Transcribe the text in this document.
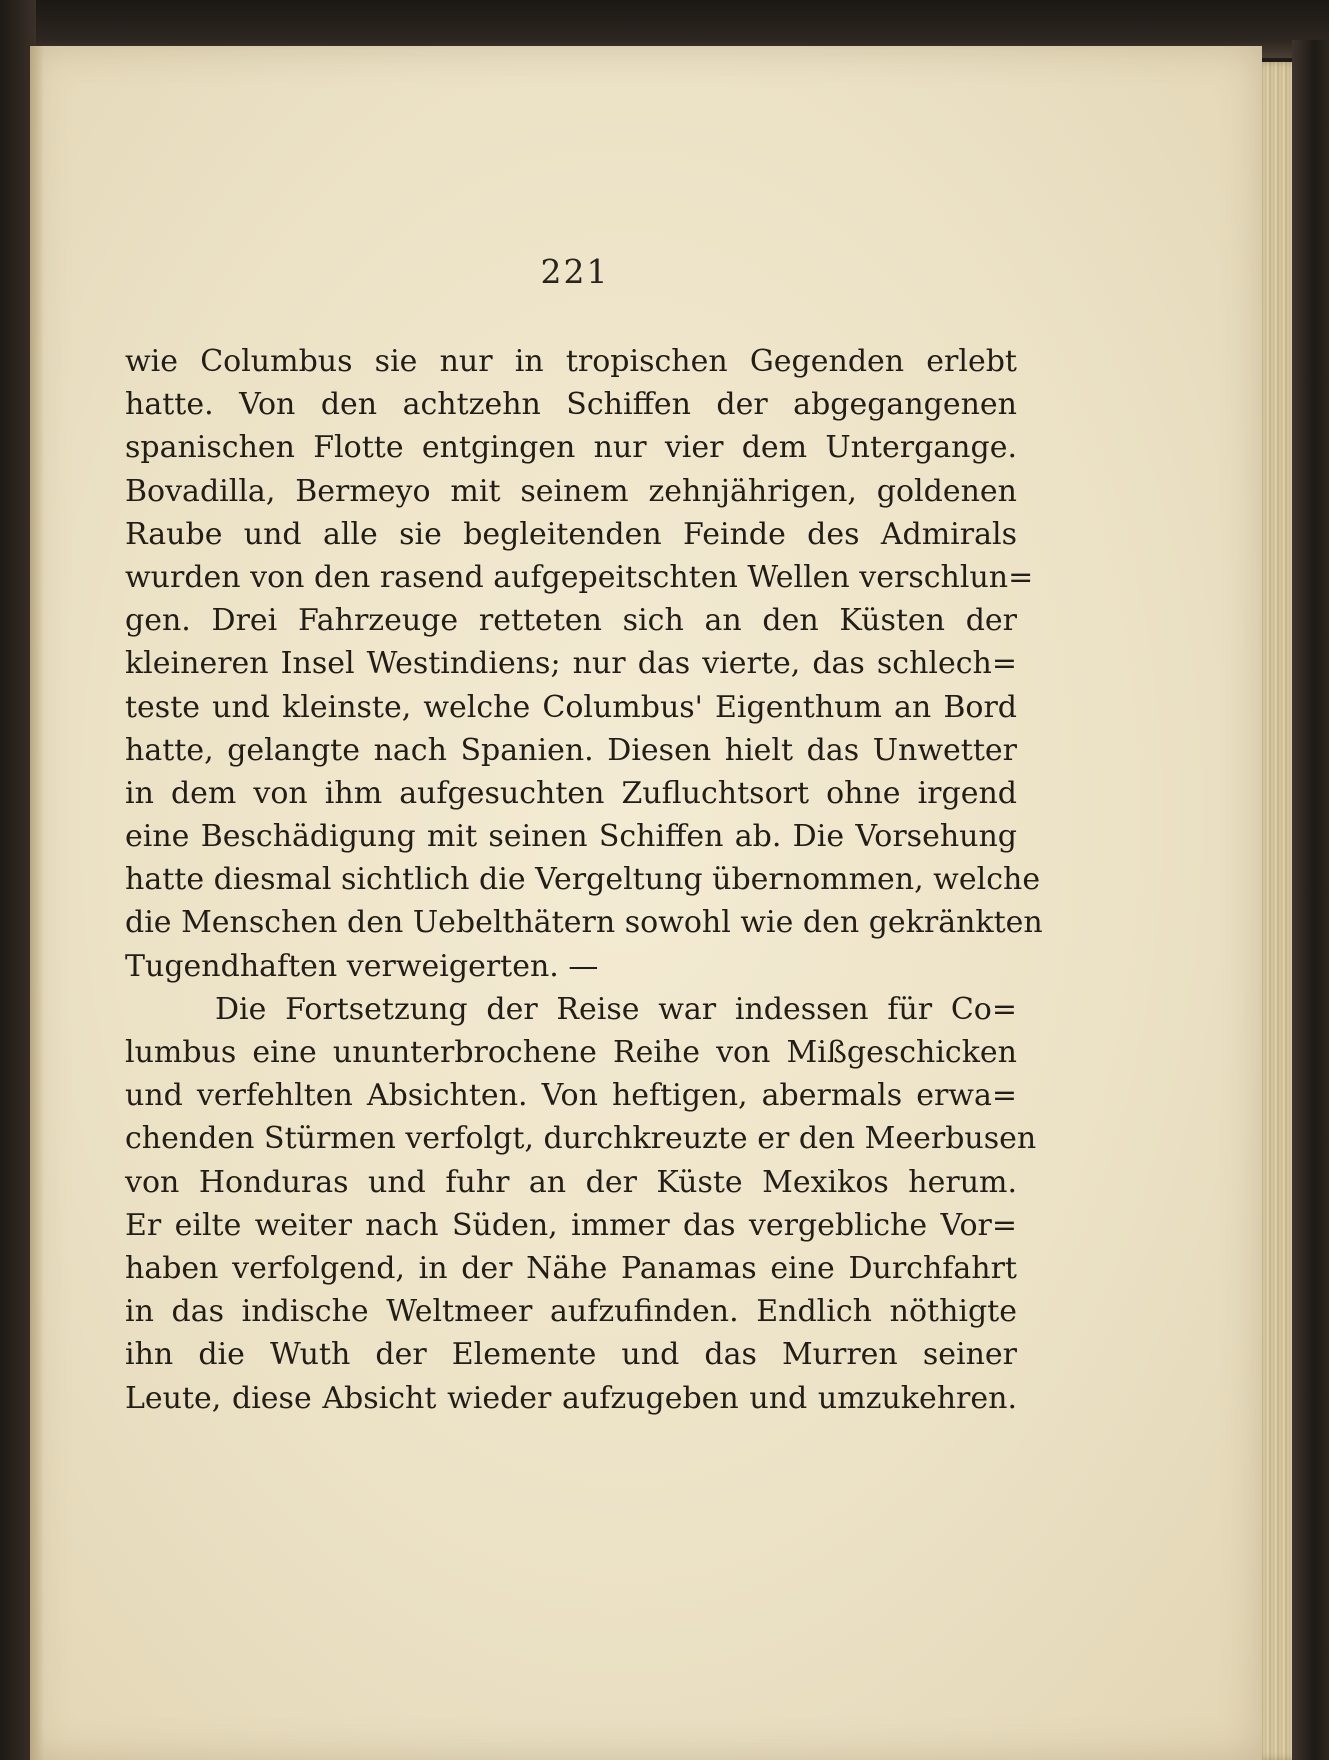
221
wie Columbus sie nur in tropischen Gegenden erlebt
hatte. Von den achtzehn Schiffen der abgegangenen
spanischen Flotte entgingen nur vier dem Untergange.
Bovadilla, Bermeyo mit seinem zehnjährigen, goldenen
Raube und alle sie begleitenden Feinde des Admirals
wurden von den rasend aufgepeitschten Wellen verschlun=
gen. Drei Fahrzeuge retteten sich an den Küsten der
kleineren Insel Westindiens; nur das vierte, das schlech=
teste und kleinste, welche Columbus' Eigenthum an Bord
hatte, gelangte nach Spanien. Diesen hielt das Unwetter
in dem von ihm aufgesuchten Zufluchtsort ohne irgend
eine Beschädigung mit seinen Schiffen ab. Die Vorsehung
hatte diesmal sichtlich die Vergeltung übernommen, welche
die Menschen den Uebelthätern sowohl wie den gekränkten
Tugendhaften verweigerten. —
Die Fortsetzung der Reise war indessen für Co=
lumbus eine ununterbrochene Reihe von Mißgeschicken
und verfehlten Absichten. Von heftigen, abermals erwa=
chenden Stürmen verfolgt, durchkreuzte er den Meerbusen
von Honduras und fuhr an der Küste Mexikos herum.
Er eilte weiter nach Süden, immer das vergebliche Vor=
haben verfolgend, in der Nähe Panamas eine Durchfahrt
in das indische Weltmeer aufzufinden. Endlich nöthigte
ihn die Wuth der Elemente und das Murren seiner
Leute, diese Absicht wieder aufzugeben und umzukehren.
